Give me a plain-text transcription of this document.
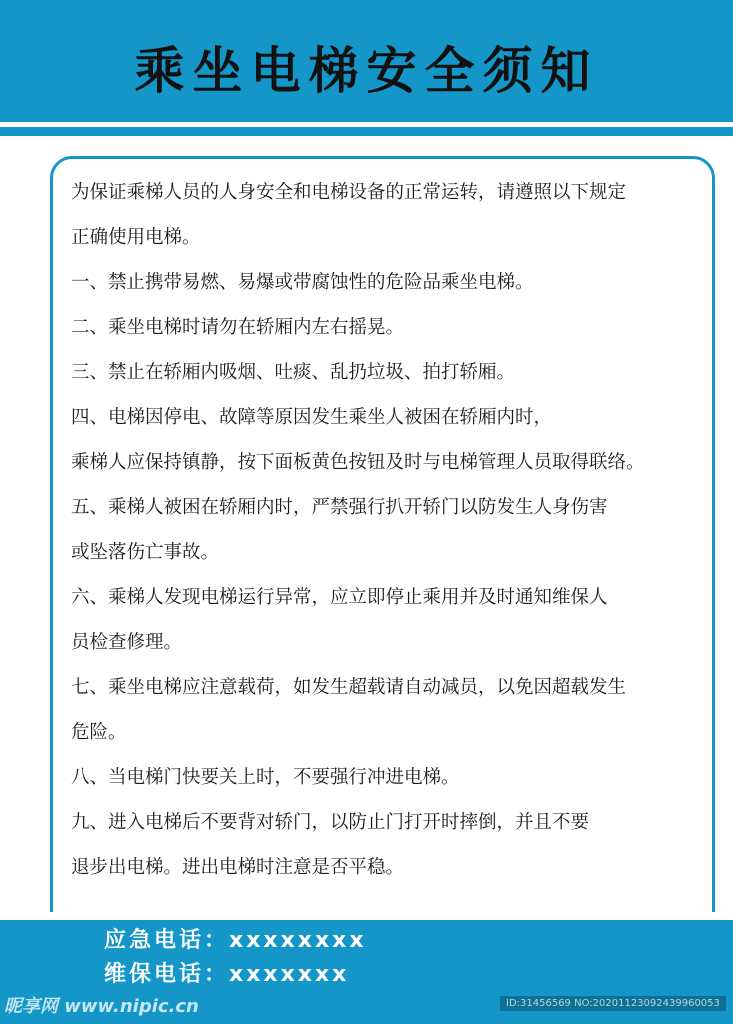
乘坐电梯安全须知
为保证乘梯人员的人身安全和电梯设备的正常运转，请遵照以下规定
正确使用电梯。
一、禁止携带易燃、易爆或带腐蚀性的危险品乘坐电梯。
二、乘坐电梯时请勿在轿厢内左右摇晃。
三、禁止在轿厢内吸烟、吐痰、乱扔垃圾、拍打轿厢。
四、电梯因停电、故障等原因发生乘坐人被困在轿厢内时，
乘梯人应保持镇静，按下面板黄色按钮及时与电梯管理人员取得联络。
五、乘梯人被困在轿厢内时，严禁强行扒开轿门以防发生人身伤害
或坠落伤亡事故。
六、乘梯人发现电梯运行异常，应立即停止乘用并及时通知维保人
员检查修理。
七、乘坐电梯应注意载荷，如发生超载请自动减员，以免因超载发生
危险。
八、当电梯门快要关上时，不要强行冲进电梯。
九、进入电梯后不要背对轿门，以防止门打开时摔倒，并且不要
退步出电梯。进出电梯时注意是否平稳。
应急电话：xxxxxxxx
维保电话：xxxxxxx
昵享网 www.nipic.cn	ID:31456569 NO:20201123092439960053
